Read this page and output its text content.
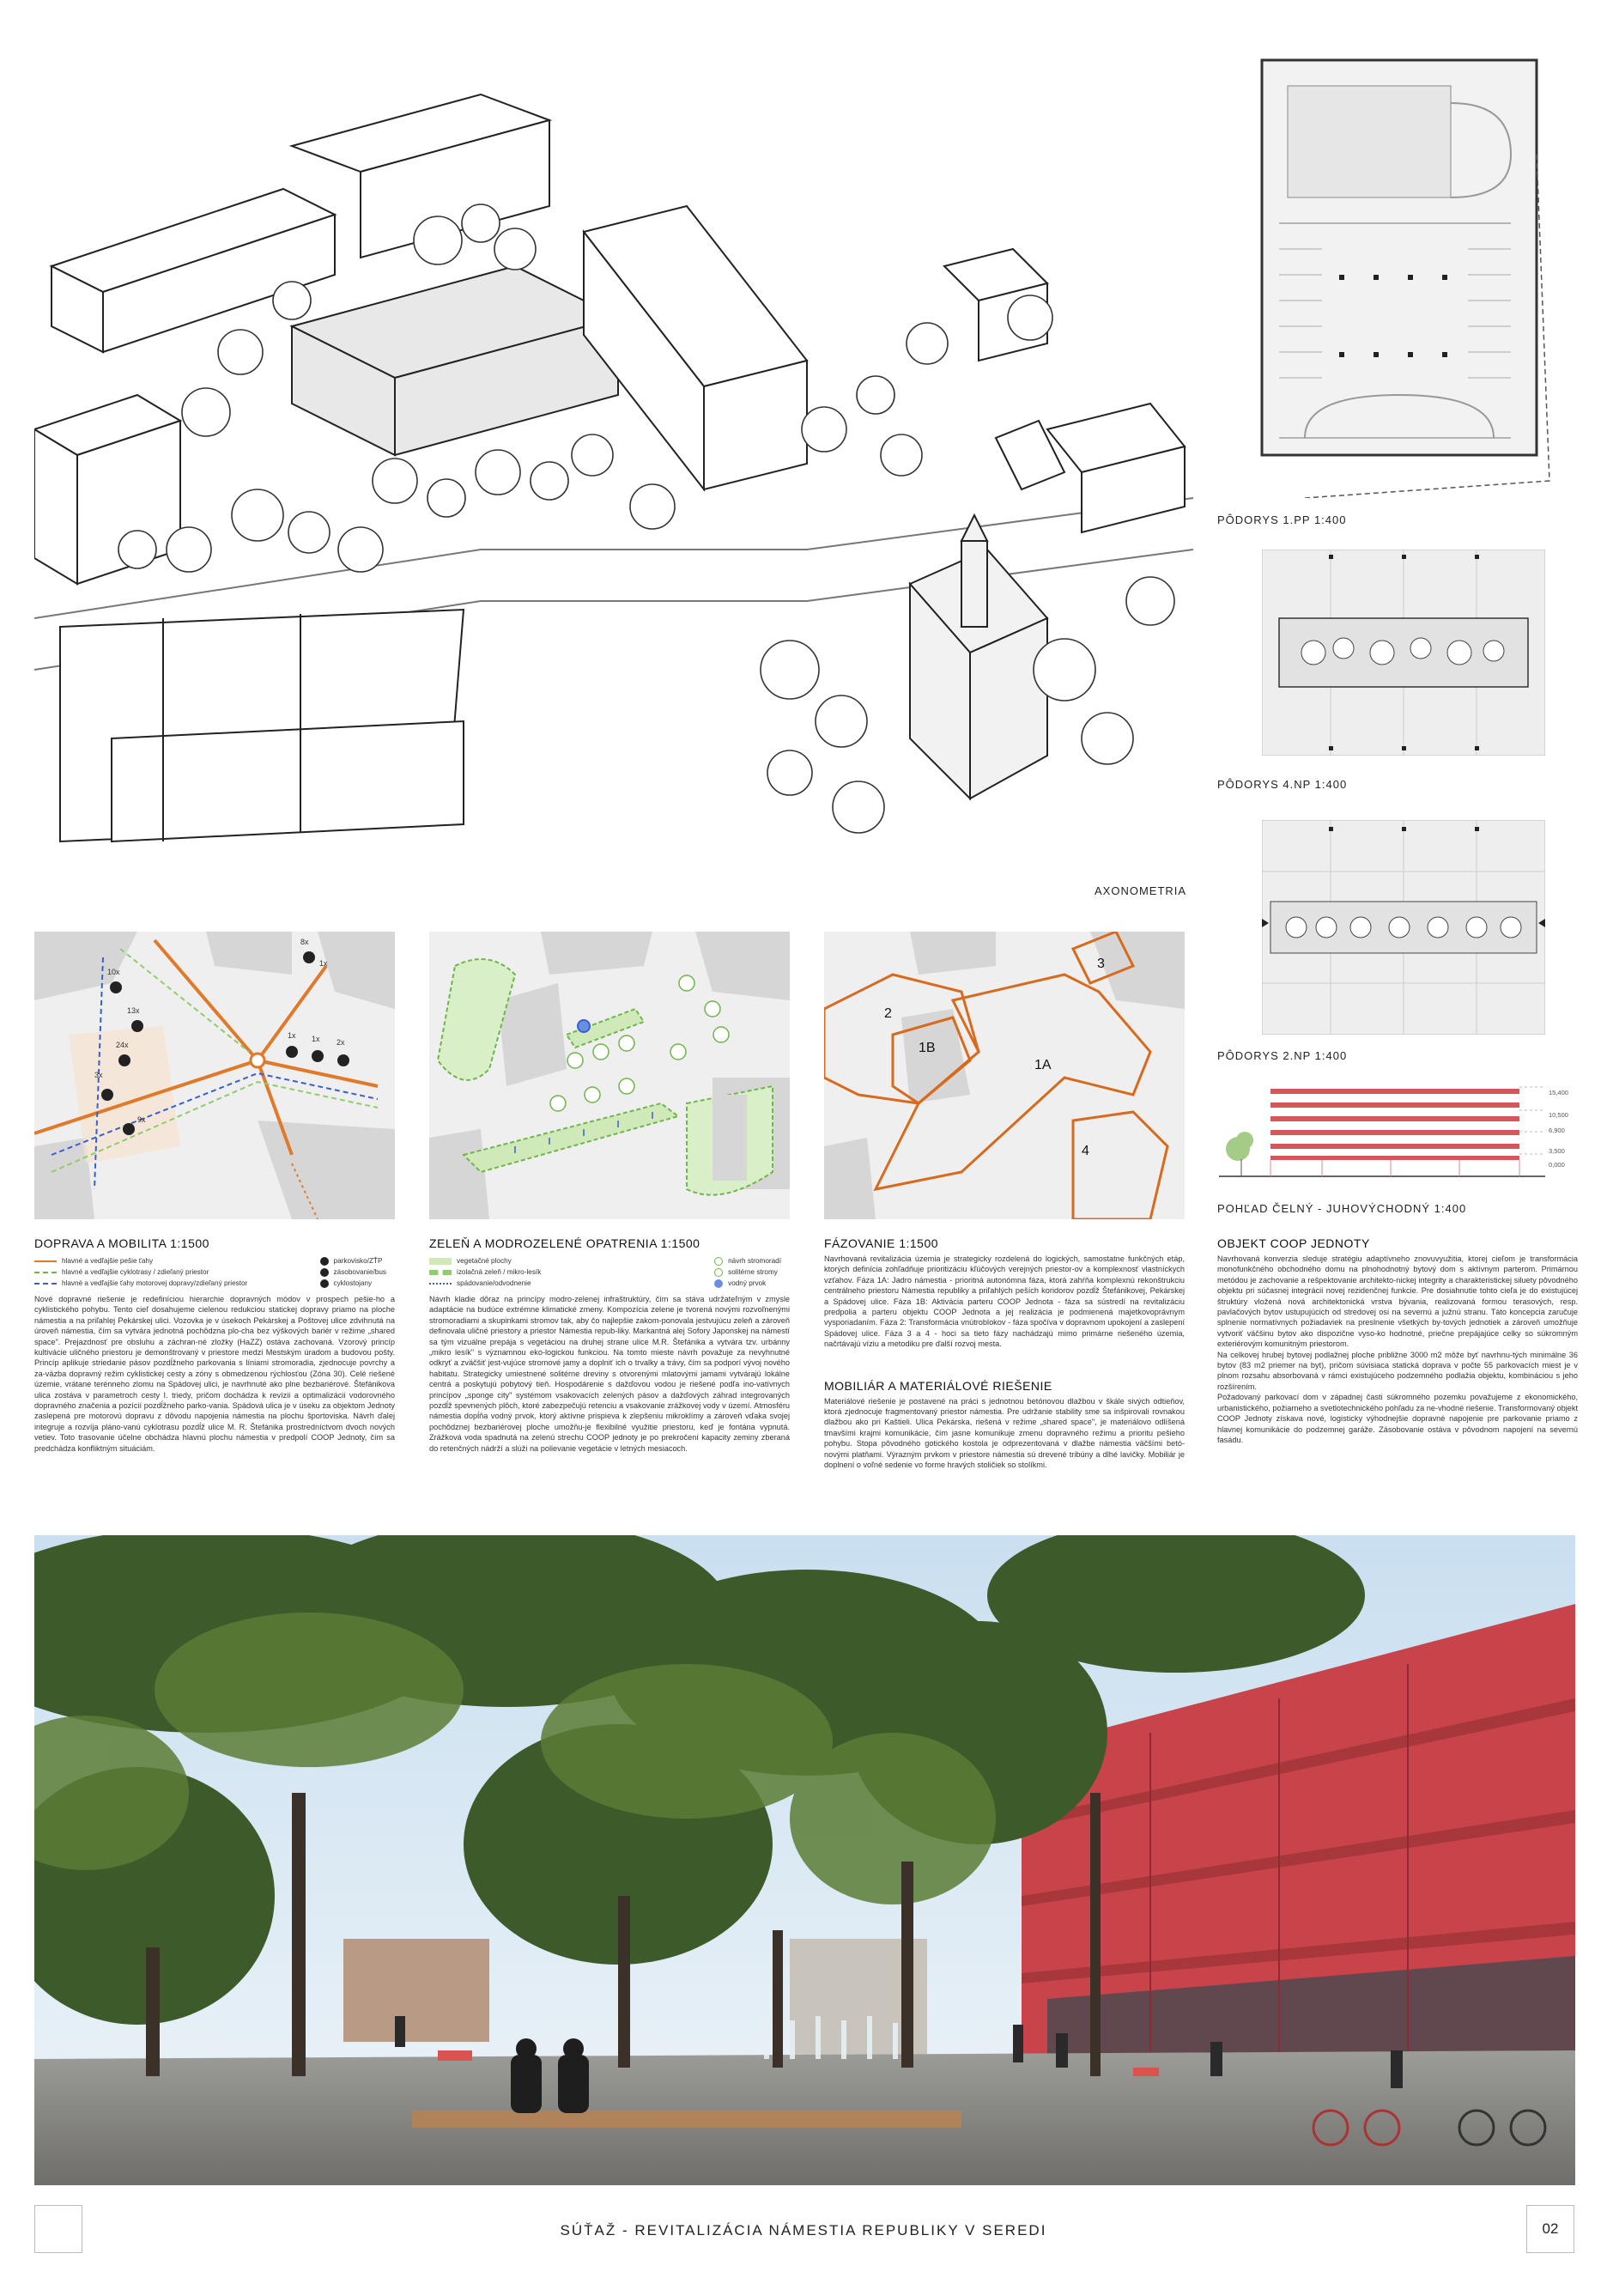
AXONOMETRIA
PÔDORYS 1.PP 1:400
PÔDORYS 4.NP 1:400
PÔDORYS 2.NP 1:400
15,400
10,500
6,900
3,500
0,000
POHĽAD ČELNÝ - JUHOVÝCHODNÝ 1:400
10x
13x
24x
9x
3x
1x 1x 2x
8x
1x
2
1B
1A
3
4
DOPRAVA A MOBILITA 1:1500
hlavné a vedľajšie pešie ťahy
hlavné a vedľajšie cyklotrasy / zdieľaný priestor
hlavné a vedľajšie ťahy motorovej dopravy/zdieľaný priestor
parkovisko/ZŤP
zásobovanie/bus
cyklostojany

Nové dopravné riešenie je redefiníciou hierarchie dopravných módov v prospech pešie-ho a cyklistického pohybu. Tento cieľ dosahujeme cielenou redukciou statickej dopravy priamo na ploche námestia a na priľahlej Pekárskej ulici. Vozovka je v úsekoch Pekárskej a Poštovej ulice zdvihnutá na úroveň námestia, čím sa vytvára jednotná pochôdzna plo-cha bez výškových bariér v režime „shared space". Prejazdnosť pre obsluhu a záchran-né zložky (HaZZ) ostáva zachovaná. Vzorový princíp kultivácie uličného priestoru je demonštrovaný v priestore medzi Mestským úradom a budovou pošty. Princíp aplikuje striedanie pásov pozdĺžneho parkovania s líniami stromoradia, zjednocuje povrchy a za-väzba dopravný režim cyklistickej cesty a zóny s obmedzenou rýchlosťou (Zóna 30). Celé riešené územie, vrátane terénneho zlomu na Spádovej ulici, je navrhnuté ako plne bezbariérové. Štefánikova ulica zostáva v parametroch cesty I. triedy, pričom dochádza k revízii a optimalizácii vodorovného dopravného značenia a pozícií pozdĺžneho parko-vania. Spádová ulica je v úseku za objektom Jednoty zaslepená pre motorovú dopravu z dôvodu napojenia námestia na plochu športoviska. Návrh ďalej integruje a rozvíja pláno-vanú cyklotrasu pozdĺž ulice M. R. Štefánika prostredníctvom dvoch nových vetiev. Toto trasovanie účelne obchádza hlavnú plochu námestia v predpolí COOP Jednoty, čím sa predchádza konfliktným situáciám.

ZELEŇ A MODROZELENÉ OPATRENIA 1:1500
vegetačné plochy
izolačná zeleň / mikro-lesík
spádovanie/odvodnenie
návrh stromoradí
solitérne stromy
vodný prvok

Návrh kladie dôraz na princípy modro-zelenej infraštruktúry, čím sa stáva udržateľným v zmysle adaptácie na budúce extrémne klimatické zmeny. Kompozícia zelene je tvorená novými rozvoľnenými stromoradiami a skupinkami stromov tak, aby čo najlepšie zakom-ponovala jestvujúcu zeleň a zároveň definovala uličné priestory a priestor Námestia repub-liky. Markantná alej Sofory Japonskej na námestí sa tým vizuálne prepája s vegetáciou na druhej strane ulice M.R. Štefánika a vytvára tzv. urbánny „mikro lesík" s významnou eko-logickou funkciou. Na tomto mieste návrh považuje za nevyhnutné odkryť a zväčšiť jest-vujúce stromové jamy a doplniť ich o trvalky a trávy, čím sa podporí vývoj nového habitatu. Strategicky umiestnené solitérne dreviny s otvorenými mlatovými jamami vytvárajú lokálne centrá a poskytujú pobytový tieň. Hospodárenie s dažďovou vodou je riešené podľa ino-vatívnych princípov „sponge city" systémom vsakovacích zelených pásov a dažďových záhrad integrovaných pozdĺž spevnených plôch, ktoré zabezpečujú retenciu a vsakovanie zrážkovej vody v území. Atmosféru námestia dopĺňa vodný prvok, ktorý aktívne prispieva k zlepšeniu mikroklímy a zároveň vďaka svojej pochôdznej bezbariérovej ploche umožňu-je flexibilné využitie priestoru, keď je fontána vypnutá. Zrážková voda spadnutá na zelenú strechu COOP jednoty je po prekročení kapacity zeminy zberaná do retenčných nádrží a slúži na polievanie vegetácie v letných mesiacoch.

FÁZOVANIE 1:1500

Navrhovaná revitalizácia územia je strategicky rozdelená do logických, samostatne funkčných etáp, ktorých definícia zohľadňuje prioritizáciu kľúčových verejných priestor-ov a komplexnosť vlastníckych vzťahov. Fáza 1A: Jadro námestia - prioritná autonómna fáza, ktorá zahŕňa komplexnú rekonštrukciu centrálneho priestoru Námestia republiky a priľahlých peších koridorov pozdĺž Štefánikovej, Pekárskej a Spádovej ulice. Fáza 1B: Aktivácia parteru COOP Jednota - fáza sa sústredí na revitalizáciu predpolia a parteru objektu COOP Jednota a jej realizácia je podmienená majetkovoprávnym vysporiadaním. Fáza 2: Transformácia vnútroblokov - fáza spočíva v dopravnom upokojení a zaslepení Spádovej ulice. Fáza 3 a 4 - hoci sa tieto fázy nachádzajú mimo primárne riešeného územia, načrtávajú víziu a metodiku pre ďalší rozvoj mesta.

MOBILIÁR A MATERIÁLOVÉ RIEŠENIE

Materiálové riešenie je postavené na práci s jednotnou betónovou dlažbou v škále sivých odtieňov, ktorá zjednocuje fragmentovaný priestor námestia. Pre udržanie stability sme sa inšpirovali rovnakou dlažbou ako pri Kaštieli. Ulica Pekárska, riešená v režime „shared space", je materiálovo odlíšená tmavšími krajmi komunikácie, čím jasne komunikuje zmenu dopravného režimu a prioritu pešieho pohybu. Stopa pôvodného gotického kostola je odprezentovaná v dlažbe námestia väčšími betó-novými platňami. Výrazným prvkom v priestore námestia sú drevené tribúny a dlhé lavičky. Mobiliár je doplnení o voľné sedenie vo forme hravých stoličiek so stolíkmi.

OBJEKT COOP JEDNOTY

Navrhovaná konverzia sleduje stratégiu adaptívneho znovuvyužitia, ktorej cieľom je transformácia monofunkčného obchodného domu na plnohodnotný bytový dom s aktívnym parterom. Primárnou metódou je zachovanie a rešpektovanie architekto-nickej integrity a charakteristickej siluety pôvodného objektu pri súčasnej integrácii novej rezidenčnej funkcie. Pre dosiahnutie tohto cieľa je do existujúcej štruktúry vložená nová architektonická vrstva bývania, realizovaná formou terasových, resp. pavlačových bytov ustupujúcich od stredovej osi na severnú a južnú stranu. Táto koncepcia zaručuje splnenie normatívnych požiadaviek na preslnenie všetkých by-tových jednotiek a zároveň umožňuje vytvoriť väčšinu bytov ako dispozične vyso-ko hodnotné, priečne prepájajúce celky so súkromným exteriérovým komunitným priestorom.

Na celkovej hrubej bytovej podlažnej ploche približne 3000 m2 môže byť navrhnu-tých minimálne 36 bytov (83 m2 priemer na byt), pričom súvisiaca statická doprava v počte 55 parkovacích miest je v plnom rozsahu absorbovaná v rámci existujúceho podzemného podlažia objektu, kombináciou s jeho rozšírením.

Požadovaný parkovací dom v západnej časti súkromného pozemku považujeme z ekonomického, urbanistického, požiarneho a svetlotechnického pohľadu za ne-vhodné riešenie. Transformovaný objekt COOP Jednoty získava nové, logisticky výhodnejšie dopravné napojenie pre parkovanie priamo z hlavnej komunikácie do podzemnej garáže. Zásobovanie ostáva v pôvodnom napojení na severnú fasádu.

SÚŤAŽ - REVITALIZÁCIA NÁMESTIA REPUBLIKY V SEREDI	02
